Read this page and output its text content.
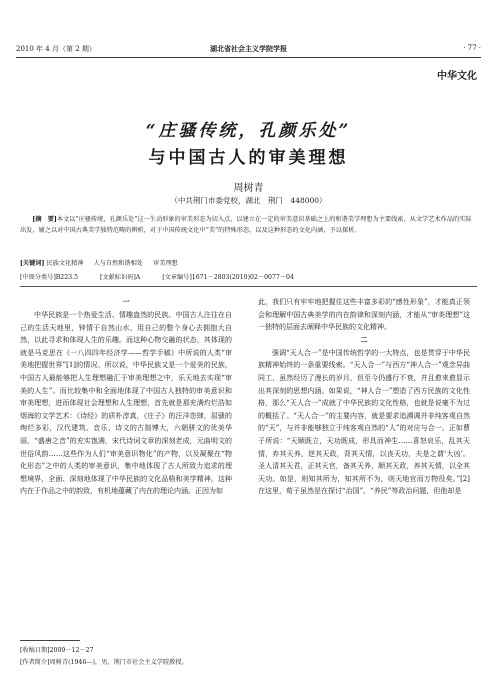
2010 年 4 月（第 2 期）	湖北省社会主义学院学报	· 77 ·
中华文化
“庄骚传统，孔颜乐处”
与中国古人的审美理想
周树青
（中共荆门市委党校，湖北　荆门　448000）
[摘　要]本文以“庄骚传统，孔颜乐处”这一生动形象的审美形态为切入点，以建立在一定的审美意识基础之上的和谐美学理想为主要线索，从文学艺术作品的实际出发，辅之以对中国古典美学独特范畴的辨析，对于中国传统文化中“美”的特殊形态，以及这种形态的文化内涵，予以探析。
[关键词] 民族文化精神 人与自然和谐相处 审美理想
[中图分类号]B223.5	[文献标识码]A	[文章编号]1671－2803(2010)02－0077－04
一

中华民族是一个热爱生活、情趣盎然的民族。中国古人注往在自己的生活天地里，钟情于自然山水，用自己的整个身心去拥抱大自然，以此寻求和体现人生的乐趣。而这种心物交融的状态，其体现的就是马克思在《一八四四年经济学——哲学手稿》中所说的人类“审美地把握世界”[1]的情况。所以说，中华民族又是一个爱美的民族，中国古人最能够把人生理想融汇于审美理想之中，乐天地去实现“审美的人生”。而比较集中和全面地体现了中国古人独特的审美意识和审美理想，进而体现社会理想和人生理想，首先就是那充满灼烂浩如烟海的文学艺术：《诗经》的质朴淳真，《庄子》的汪洋恣肆，屈骚的绚烂多彩，汉代建筑、音乐、诗文的古拙博大，六朝骈文的优美华丽，“盛唐之音”的充实饱满，宋代诗词文章的深刻老成，元曲明文的世俗风韵……这些作为人们“审美意识物化”的产物，以及凝聚在“物化形态”之中的人类的审美意识，集中地体现了古人所致力追求的理想境界，全面、深刻地体现了中华民族的文化品格和美学精神。这种内在于作品之中的韵致，有机地蕴藏了内在的理论内涵。正因为如

此，我们只有牢牢地把握住这些丰富多彩的“感性形象”，才能真正领会和理解中国古典美学的内在韵律和深刻内涵，才能从“审美理想”这一独特的层面去阐释中华民族的文化精神。

二

强调“天人合一”是中国传统哲学的一大特点，也是贯穿于中华民族精神始终的一条重要线索。“天人合一”与西方“神人合一”观念异曲同工，虽然经历了漫长的岁月，但至今仍盛行不衰，并且愈来愈显示出其深刻的思想内涵。如果说，“神人合一”塑造了西方民族的文化性格，那么“天人合一”成就了中华民族的文化性格，也就是说毫不为过的概括了。“天人合一”的主要内容，就是要求追溯调并非纯客观自然的“天”，与并非能够独立于纯客观自然的“人”的对应与合一。正如曹子所说：“天顺既立，天功既成，形具而神生……喜怒哀乐，乱其天情，弃其天养，逆其天政，背其天情，以丧天功，夫是之谓‘大凶’。圣人清其天君，正其天官，备其天养，顺其天政，养其天情，以全其天功。如是，则知其所为，知其所不为，则天地官而万物役矣。”[2]在这里，荀子虽然是在探讨“治国”、“养民”等政治问题，但他却是

[收稿日期]2009－12－27
[作者简介]周树青(1946—)，男，荆门市社会主义学院教授。
